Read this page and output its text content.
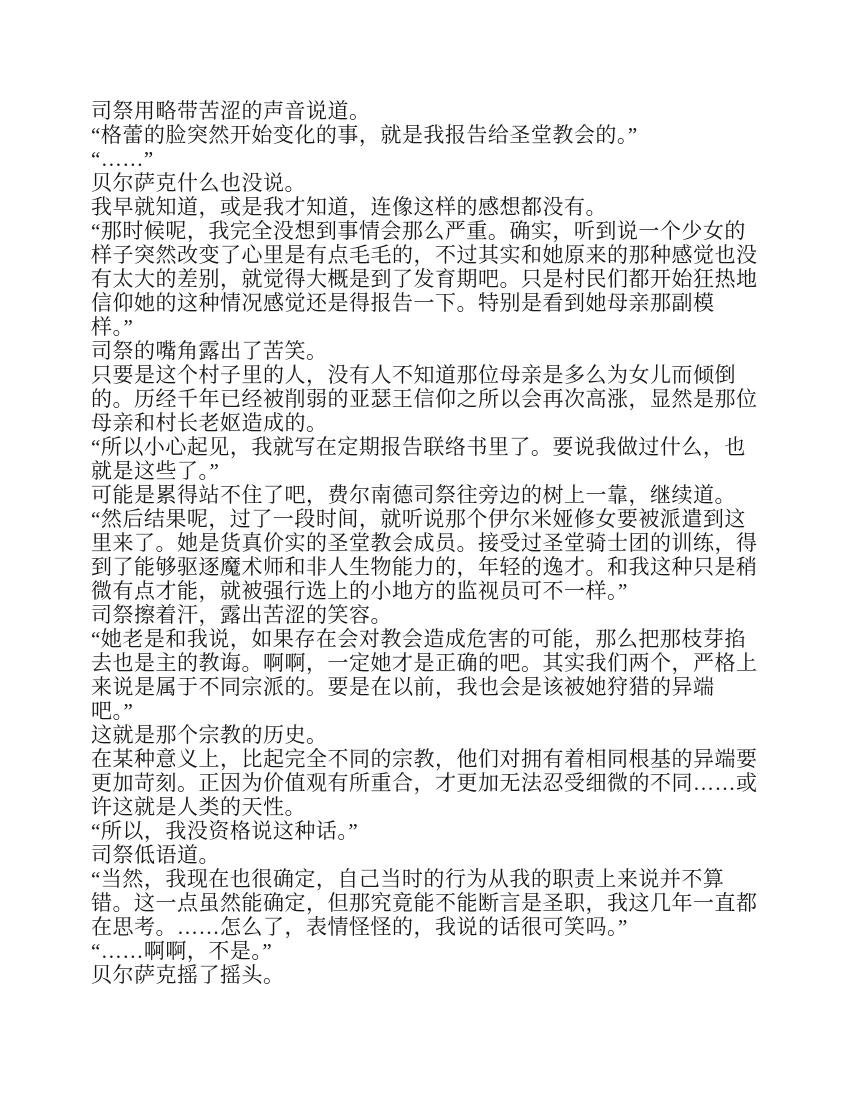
司祭用略带苦涩的声音说道。
“格蕾的脸突然开始变化的事，就是我报告给圣堂教会的。”
“……”
贝尔萨克什么也没说。
我早就知道，或是我才知道，连像这样的感想都没有。
“那时候呢，我完全没想到事情会那么严重。确实，听到说一个少女的
样子突然改变了心里是有点毛毛的，不过其实和她原来的那种感觉也没
有太大的差别，就觉得大概是到了发育期吧。只是村民们都开始狂热地
信仰她的这种情况感觉还是得报告一下。特别是看到她母亲那副模
样。”
司祭的嘴角露出了苦笑。
只要是这个村子里的人，没有人不知道那位母亲是多么为女儿而倾倒
的。历经千年已经被削弱的亚瑟王信仰之所以会再次高涨，显然是那位
母亲和村长老妪造成的。
“所以小心起见，我就写在定期报告联络书里了。要说我做过什么，也
就是这些了。”
可能是累得站不住了吧，费尔南德司祭往旁边的树上一靠，继续道。
“然后结果呢，过了一段时间，就听说那个伊尔米娅修女要被派遣到这
里来了。她是货真价实的圣堂教会成员。接受过圣堂骑士团的训练，得
到了能够驱逐魔术师和非人生物能力的，年轻的逸才。和我这种只是稍
微有点才能，就被强行选上的小地方的监视员可不一样。”
司祭擦着汗，露出苦涩的笑容。
“她老是和我说，如果存在会对教会造成危害的可能，那么把那枝芽掐
去也是主的教诲。啊啊，一定她才是正确的吧。其实我们两个，严格上
来说是属于不同宗派的。要是在以前，我也会是该被她狩猎的异端
吧。”
这就是那个宗教的历史。
在某种意义上，比起完全不同的宗教，他们对拥有着相同根基的异端要
更加苛刻。正因为价值观有所重合，才更加无法忍受细微的不同……或
许这就是人类的天性。
“所以，我没资格说这种话。”
司祭低语道。
“当然，我现在也很确定，自己当时的行为从我的职责上来说并不算
错。这一点虽然能确定，但那究竟能不能断言是圣职，我这几年一直都
在思考。……怎么了，表情怪怪的，我说的话很可笑吗。”
“……啊啊，不是。”
贝尔萨克摇了摇头。
